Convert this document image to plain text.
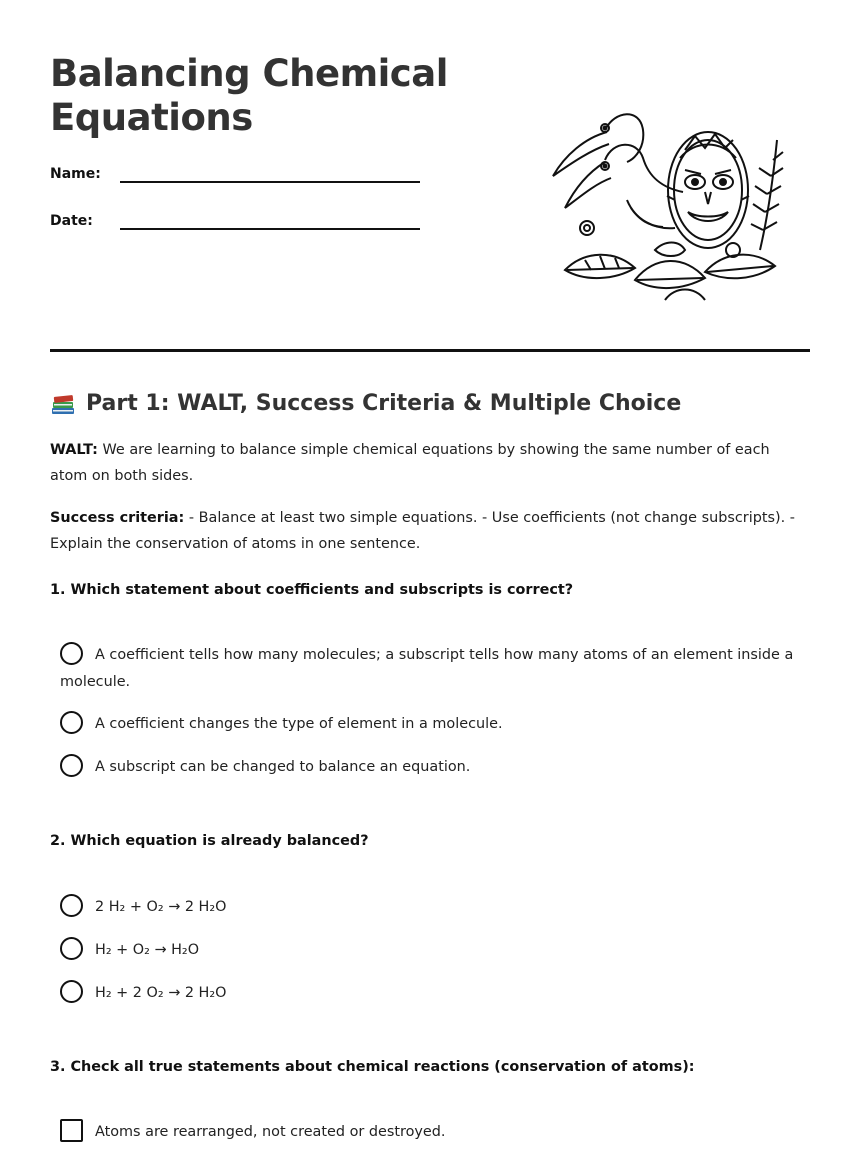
Balancing Chemical Equations
Name:
Date:
Part 1: WALT, Success Criteria & Multiple Choice
WALT: We are learning to balance simple chemical equations by showing the same number of each atom on both sides.
Success criteria: - Balance at least two simple equations. - Use coefficients (not change subscripts). - Explain the conservation of atoms in one sentence.
1. Which statement about coefficients and subscripts is correct?
A coefficient tells how many molecules; a subscript tells how many atoms of an element inside a molecule.
A coefficient changes the type of element in a molecule.
A subscript can be changed to balance an equation.
2. Which equation is already balanced?
2 H₂ + O₂ → 2 H₂O
H₂ + O₂ → H₂O
H₂ + 2 O₂ → 2 H₂O
3. Check all true statements about chemical reactions (conservation of atoms):
Atoms are rearranged, not created or destroyed.
